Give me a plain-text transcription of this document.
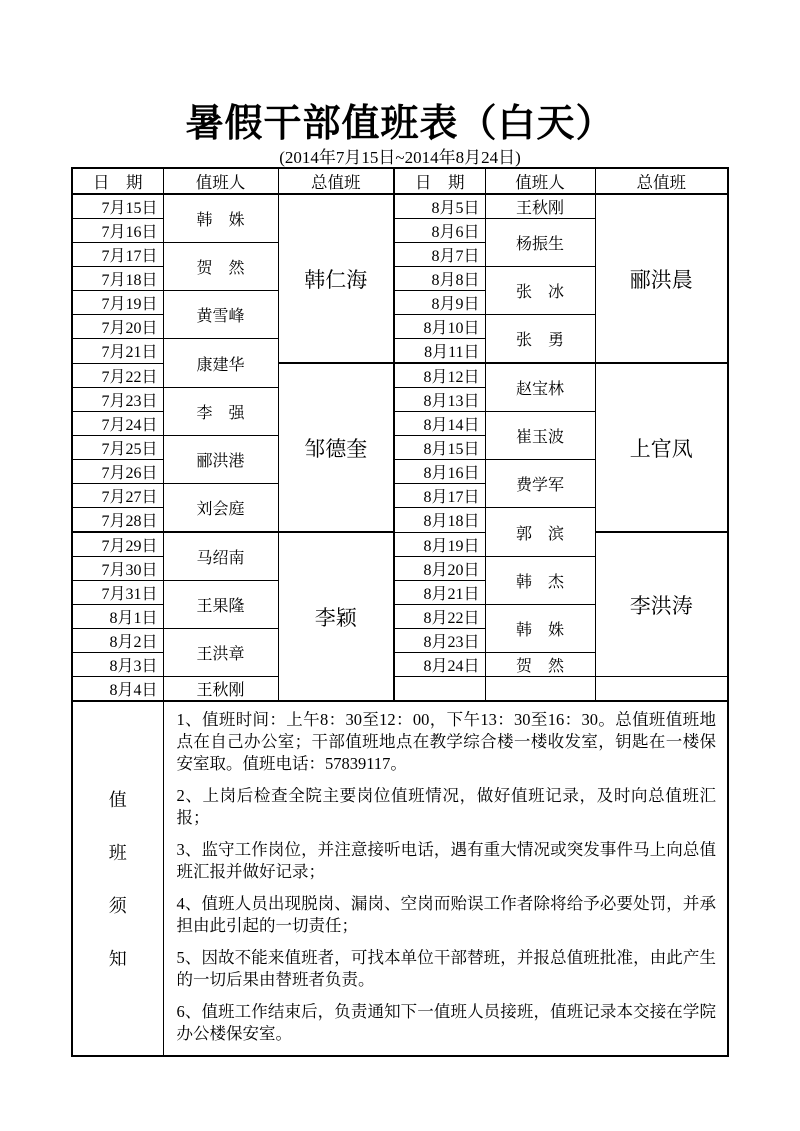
暑假干部值班表（白天）
(2014年7月15日~2014年8月24日)
日　期	值班人	总值班	日　期	值班人	总值班
7月15日	韩　姝	韩仁海	8月5日	王秋刚	郦洪晨
7月16日			8月6日	杨振生	
7月17日	贺　然		8月7日		
7月18日			8月8日	张　冰	
7月19日	黄雪峰		8月9日		
7月20日			8月10日	张　勇	
7月21日	康建华		8月11日		
7月22日		邹德奎	8月12日	赵宝林	上官凤
7月23日	李　强		8月13日		
7月24日			8月14日	崔玉波	
7月25日	郦洪港		8月15日		
7月26日			8月16日	费学军	
7月27日	刘会庭		8月17日		
7月28日			8月18日	郭　滨	
7月29日	马绍南	李颖	8月19日		李洪涛
7月30日			8月20日	韩　杰	
7月31日	王果隆		8月21日		
8月1日			8月22日	韩　姝	
8月2日	王洪章		8月23日		
8月3日			8月24日	贺　然	
8月4日	王秋刚				

值
班
须
知

1、值班时间：上午8：30至12：00，下午13：30至16：30。总值班值班地点在自己办公室；干部值班地点在教学综合楼一楼收发室，钥匙在一楼保安室取。值班电话：57839117。

2、上岗后检查全院主要岗位值班情况，做好值班记录，及时向总值班汇报；

3、监守工作岗位，并注意接听电话，遇有重大情况或突发事件马上向总值班汇报并做好记录；

4、值班人员出现脱岗、漏岗、空岗而贻误工作者除将给予必要处罚，并承担由此引起的一切责任；

5、因故不能来值班者，可找本单位干部替班，并报总值班批准，由此产生的一切后果由替班者负责。

6、值班工作结束后，负责通知下一值班人员接班，值班记录本交接在学院办公楼保安室。
